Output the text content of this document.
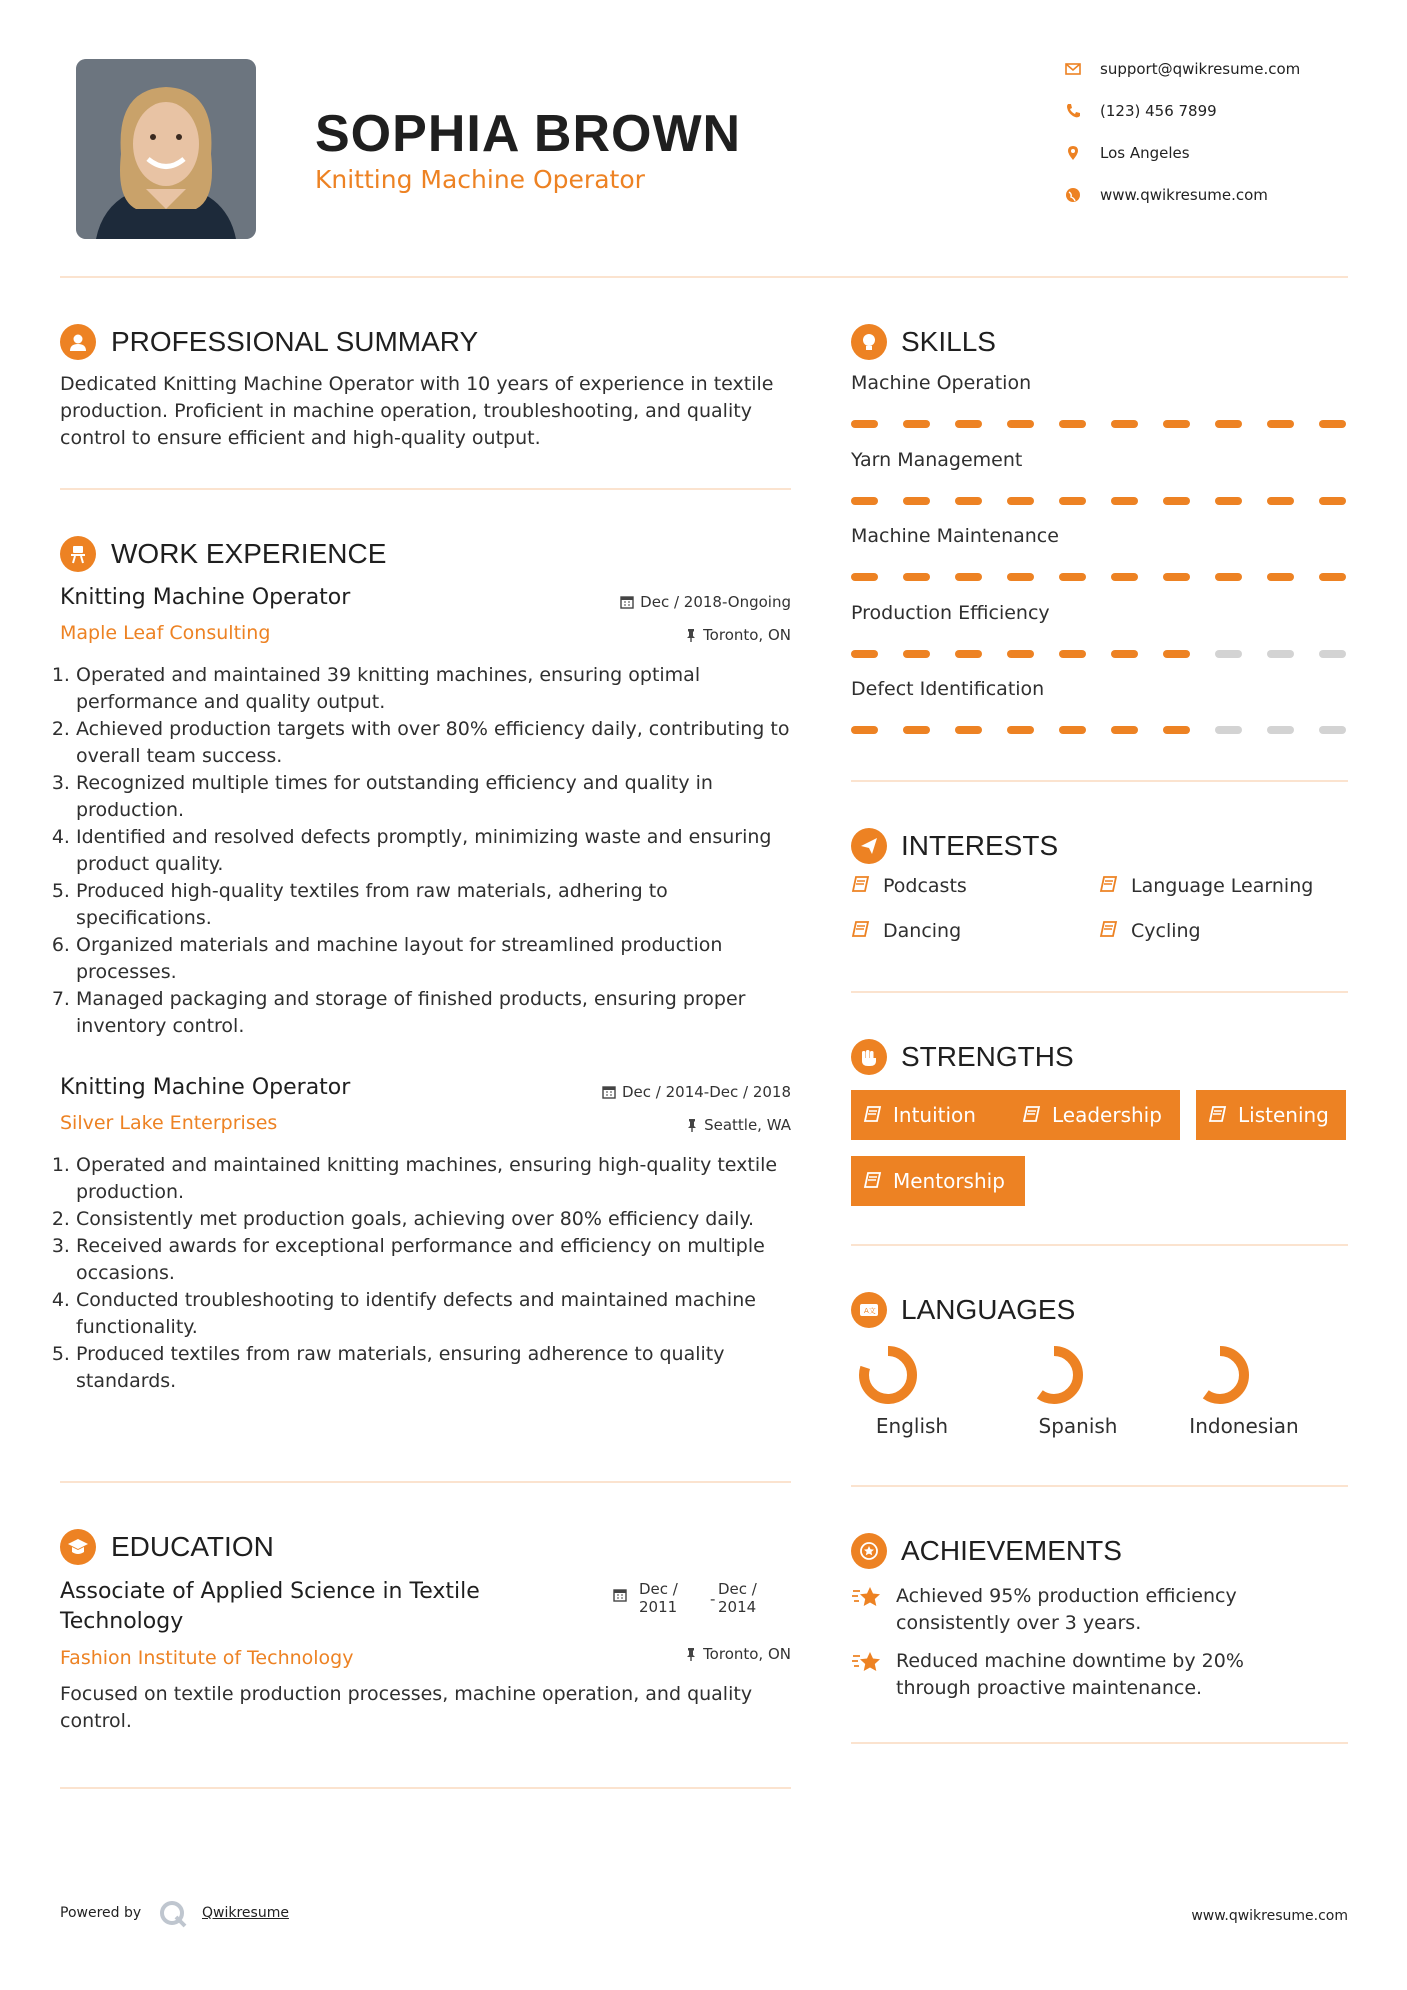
SOPHIA BROWN
Knitting Machine Operator
support@qwikresume.com
(123) 456 7899
Los Angeles
www.qwikresume.com
PROFESSIONAL SUMMARY
Dedicated Knitting Machine Operator with 10 years of experience in textile production. Proficient in machine operation, troubleshooting, and quality control to ensure efficient and high-quality output.
WORK EXPERIENCE
Knitting Machine Operator	Dec / 2018-Ongoing
Maple Leaf Consulting	Toronto, ON
1. Operated and maintained 39 knitting machines, ensuring optimal performance and quality output.
2. Achieved production targets with over 80% efficiency daily, contributing to overall team success.
3. Recognized multiple times for outstanding efficiency and quality in production.
4. Identified and resolved defects promptly, minimizing waste and ensuring product quality.
5. Produced high-quality textiles from raw materials, adhering to specifications.
6. Organized materials and machine layout for streamlined production processes.
7. Managed packaging and storage of finished products, ensuring proper inventory control.
Knitting Machine Operator	Dec / 2014-Dec / 2018
Silver Lake Enterprises	Seattle, WA
1. Operated and maintained knitting machines, ensuring high-quality textile production.
2. Consistently met production goals, achieving over 80% efficiency daily.
3. Received awards for exceptional performance and efficiency on multiple occasions.
4. Conducted troubleshooting to identify defects and maintained machine functionality.
5. Produced textiles from raw materials, ensuring adherence to quality standards.
EDUCATION
Associate of Applied Science in Textile Technology
Dec / 2011	-
Dec / 2014
Fashion Institute of Technology	Toronto, ON
Focused on textile production processes, machine operation, and quality control.
SKILLS
Machine Operation
Yarn Management
Machine Maintenance
Production Efficiency
Defect Identification
INTERESTS
Podcasts	Language Learning
Dancing	Cycling
STRENGTHS
Intuition	Leadership	Listening
Mentorship
A文 LANGUAGES
English	Spanish	Indonesian
ACHIEVEMENTS
Achieved 95% production efficiency consistently over 3 years.
Reduced machine downtime by 20% through proactive maintenance.
Powered by	Qwikresume	www.qwikresume.com
